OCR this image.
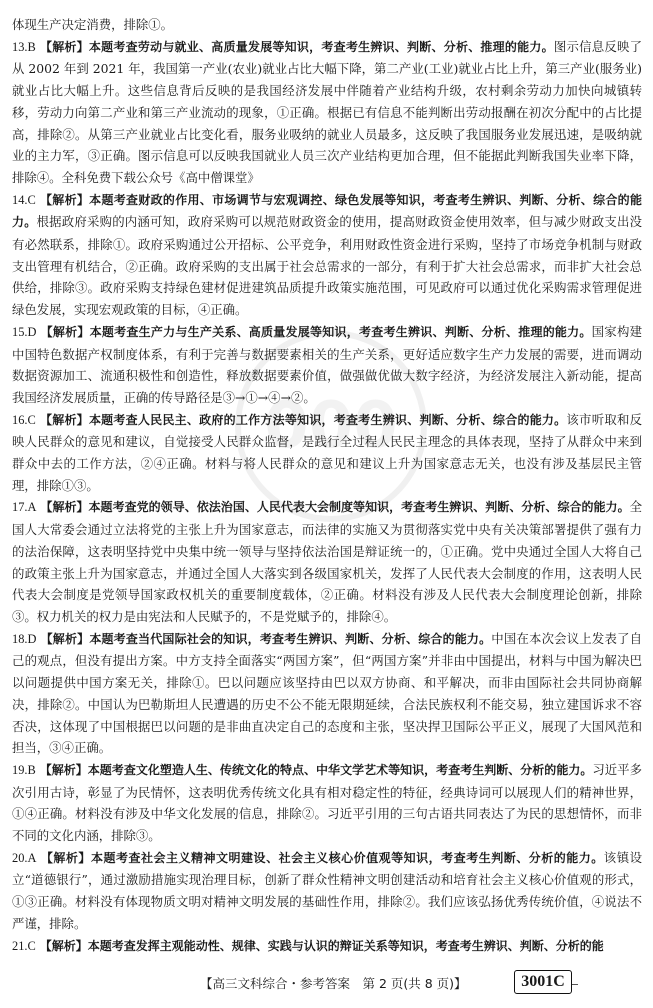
000

体现生产决定消费，排除①。

13.B 【解析】本题考查劳动与就业、高质量发展等知识，考查考生辨识、判断、分析、推理的能力。图示信息反映了从 2002 年到 2021 年，我国第一产业(农业)就业占比大幅下降，第二产业(工业)就业占比上升，第三产业(服务业)就业占比大幅上升。这些信息背后反映的是我国经济发展中伴随着产业结构升级，农村剩余劳动力加快向城镇转移，劳动力向第二产业和第三产业流动的现象，①正确。根据已有信息不能判断出劳动报酬在初次分配中的占比提高，排除②。从第三产业就业占比变化看，服务业吸纳的就业人员最多，这反映了我国服务业发展迅速，是吸纳就业的主力军，③正确。图示信息可以反映我国就业人员三次产业结构更加合理，但不能据此判断我国失业率下降，排除④。全科免费下载公众号《高中僧课堂》

14.C 【解析】本题考查财政的作用、市场调节与宏观调控、绿色发展等知识，考查考生辨识、判断、分析、综合的能力。根据政府采购的内涵可知，政府采购可以规范财政资金的使用，提高财政资金使用效率，但与减少财政支出没有必然联系，排除①。政府采购通过公开招标、公平竞争，利用财政性资金进行采购，坚持了市场竞争机制与财政支出管理有机结合，②正确。政府采购的支出属于社会总需求的一部分，有利于扩大社会总需求，而非扩大社会总供给，排除③。政府采购支持绿色建材促进建筑品质提升政策实施范围，可见政府可以通过优化采购需求管理促进绿色发展，实现宏观政策的目标，④正确。

15.D 【解析】本题考查生产力与生产关系、高质量发展等知识，考查考生辨识、判断、分析、推理的能力。国家构建中国特色数据产权制度体系，有利于完善与数据要素相关的生产关系，更好适应数字生产力发展的需要，进而调动数据资源加工、流通积极性和创造性，释放数据要素价值，做强做优做大数字经济，为经济发展注入新动能，提高我国经济发展质量，正确的传导路径是③→①→④→②。

16.C 【解析】本题考查人民民主、政府的工作方法等知识，考查考生辨识、判断、分析、综合的能力。该市听取和反映人民群众的意见和建议，自觉接受人民群众监督，是践行全过程人民民主理念的具体表现，坚持了从群众中来到群众中去的工作方法，②④正确。材料与将人民群众的意见和建议上升为国家意志无关，也没有涉及基层民主管理，排除①③。

17.A 【解析】本题考查党的领导、依法治国、人民代表大会制度等知识，考查考生辨识、判断、分析、综合的能力。全国人大常委会通过立法将党的主张上升为国家意志，而法律的实施又为贯彻落实党中央有关决策部署提供了强有力的法治保障，这表明坚持党中央集中统一领导与坚持依法治国是辩证统一的，①正确。党中央通过全国人大将自己的政策主张上升为国家意志，并通过全国人大落实到各级国家机关，发挥了人民代表大会制度的作用，这表明人民代表大会制度是党领导国家政权机关的重要制度载体，②正确。材料没有涉及人民代表大会制度理论创新，排除③。权力机关的权力是由宪法和人民赋予的，不是党赋予的，排除④。

18.D 【解析】本题考查当代国际社会的知识，考查考生辨识、判断、分析、综合的能力。中国在本次会议上发表了自己的观点，但没有提出方案。中方支持全面落实“两国方案”，但“两国方案”并非由中国提出，材料与中国为解决巴以问题提供中国方案无关，排除①。巴以问题应该坚持由巴以双方协商、和平解决，而非由国际社会共同协商解决，排除②。中国认为巴勒斯坦人民遭遇的历史不公不能无限期延续，合法民族权利不能交易，独立建国诉求不容否决，这体现了中国根据巴以问题的是非曲直决定自己的态度和主张，坚决捍卫国际公平正义，展现了大国风范和担当，③④正确。

19.B 【解析】本题考查文化塑造人生、传统文化的特点、中华文学艺术等知识，考查考生判断、分析的能力。习近平多次引用古诗，彰显了为民情怀，这表明优秀传统文化具有相对稳定性的特征，经典诗词可以展现人们的精神世界，①④正确。材料没有涉及中华文化发展的信息，排除②。习近平引用的三句古语共同表达了为民的思想情怀，而非不同的文化内涵，排除③。

20.A 【解析】本题考查社会主义精神文明建设、社会主义核心价值观等知识，考查考生判断、分析的能力。该镇设立“道德银行”，通过激励措施实现治理目标，创新了群众性精神文明创建活动和培育社会主义核心价值观的形式，①③正确。材料没有体现物质文明对精神文明发展的基础性作用，排除②。我们应该弘扬优秀传统价值，④说法不严谨，排除。

21.C 【解析】本题考查发挥主观能动性、规律、实践与认识的辩证关系等知识，考查考生辨识、判断、分析的能

【高三文科综合・参考答案　第 2 页(共 8 页)】	3001C
